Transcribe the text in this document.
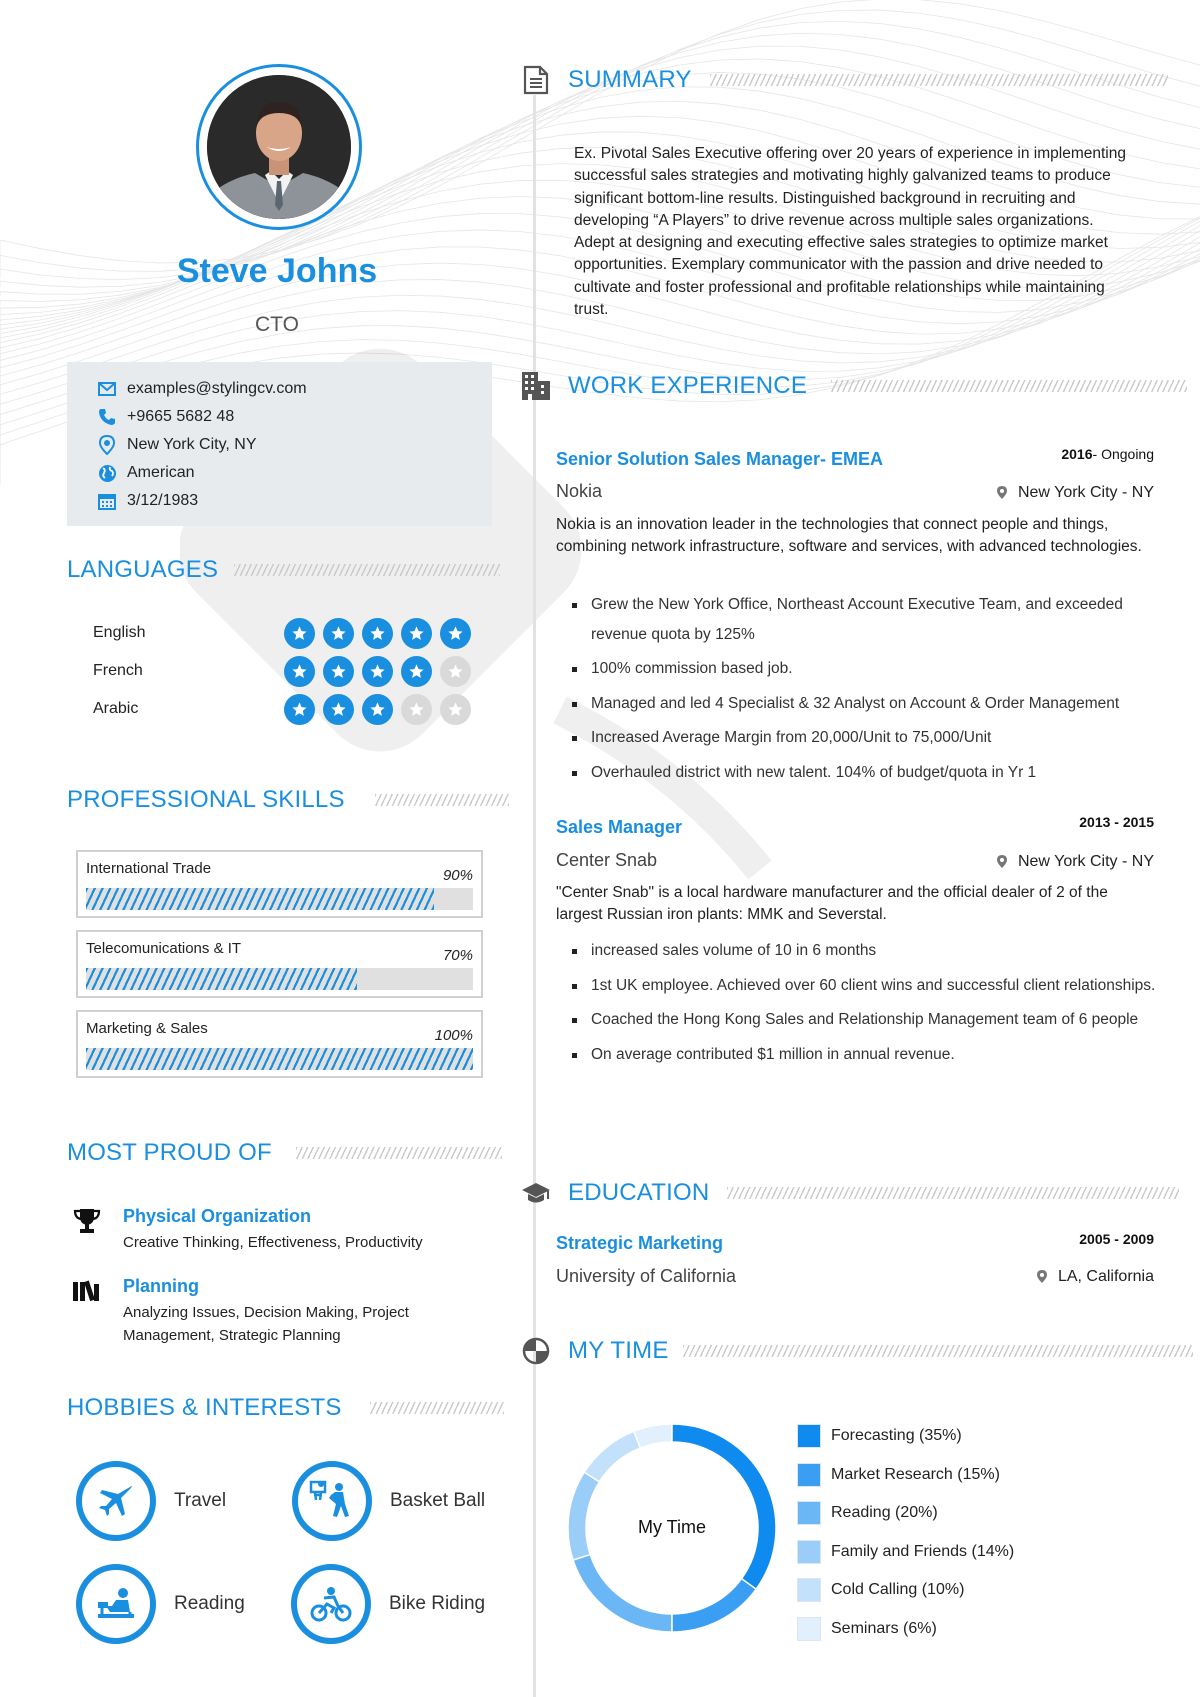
Steve Johns
CTO
examples@stylingcv.com
+9665 5682 48
New York City, NY
American
3/12/1983
LANGUAGES
English
French
Arabic
PROFESSIONAL SKILLS
International Trade	90%
Telecomunications & IT	70%
Marketing & Sales	100%
MOST PROUD OF
Physical Organization
Creative Thinking, Effectiveness, Productivity
Planning
Analyzing Issues, Decision Making, Project Management, Strategic Planning
HOBBIES & INTERESTS
Travel	Basket Ball
Reading	Bike Riding
SUMMARY
Ex. Pivotal Sales Executive offering over 20 years of experience in implementing successful sales strategies and motivating highly galvanized teams to produce significant bottom-line results. Distinguished background in recruiting and developing “A Players” to drive revenue across multiple sales organizations. Adept at designing and executing effective sales strategies to optimize market opportunities. Exemplary communicator with the passion and drive needed to cultivate and foster professional and profitable relationships while maintaining trust.
WORK EXPERIENCE
Senior Solution Sales Manager- EMEA	2016- Ongoing
Nokia	New York City - NY
Nokia is an innovation leader in the technologies that connect people and things, combining network infrastructure, software and services, with advanced technologies.
Grew the New York Office, Northeast Account Executive Team, and exceeded revenue quota by 125%
100% commission based job.
Managed and led 4 Specialist & 32 Analyst on Account & Order Management
Increased Average Margin from 20,000/Unit to 75,000/Unit
Overhauled district with new talent. 104% of budget/quota in Yr 1
Sales Manager	2013 - 2015
Center Snab	New York City - NY
"Center Snab" is a local hardware manufacturer and the official dealer of 2 of the largest Russian iron plants: MMK and Severstal.
increased sales volume of 10 in 6 months
1st UK employee. Achieved over 60 client wins and successful client relationships.
Coached the Hong Kong Sales and Relationship Management team of 6 people
On average contributed $1 million in annual revenue.
EDUCATION
Strategic Marketing	2005 - 2009
University of California	LA, California
MY TIME
My Time
Forecasting (35%)
Market Research (15%)
Reading (20%)
Family and Friends (14%)
Cold Calling (10%)
Seminars (6%)
